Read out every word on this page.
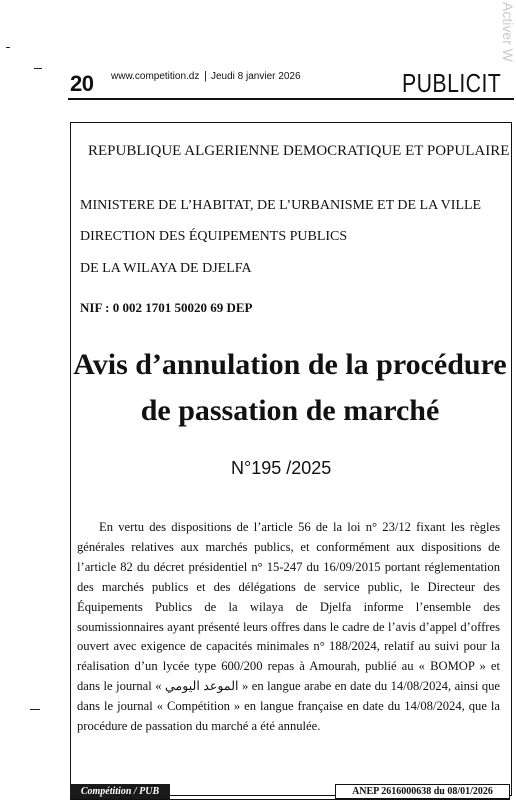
Activer W
20 www.competition.dz | Jeudi 8 janvier 2026	PUBLICIT
REPUBLIQUE ALGERIENNE DEMOCRATIQUE ET POPULAIRE
MINISTERE DE L’HABITAT, DE L’URBANISME ET DE LA VILLE
DIRECTION DES ÉQUIPEMENTS PUBLICS
DE LA WILAYA DE DJELFA
NIF : 0 002 1701 50020 69 DEP
Avis d’annulation de la procédure
de passation de marché
N°195 /2025
En vertu des dispositions de l’article 56 de la loi n° 23/12 fixant les règles générales relatives aux marchés publics, et conformément aux dispositions de l’article 82 du décret présidentiel n° 15-247 du 16/09/2015 portant réglementation des marchés publics et des délégations de service public, le Directeur des Équipements Publics de la wilaya de Djelfa informe l’ensemble des soumissionnaires ayant présenté leurs offres dans le cadre de l’avis d’appel d’offres ouvert avec exigence de capacités minimales n° 188/2024, relatif au suivi pour la réalisation d’un lycée type 600/200 repas à Amourah, publié au « BOMOP » et dans le journal « الموعد اليومي » en langue arabe en date du 14/08/2024, ainsi que dans le journal « Compétition » en langue française en date du 14/08/2024, que la procédure de passation du marché a été annulée.
Compétition / PUB	ANEP 2616000638 du 08/01/2026
